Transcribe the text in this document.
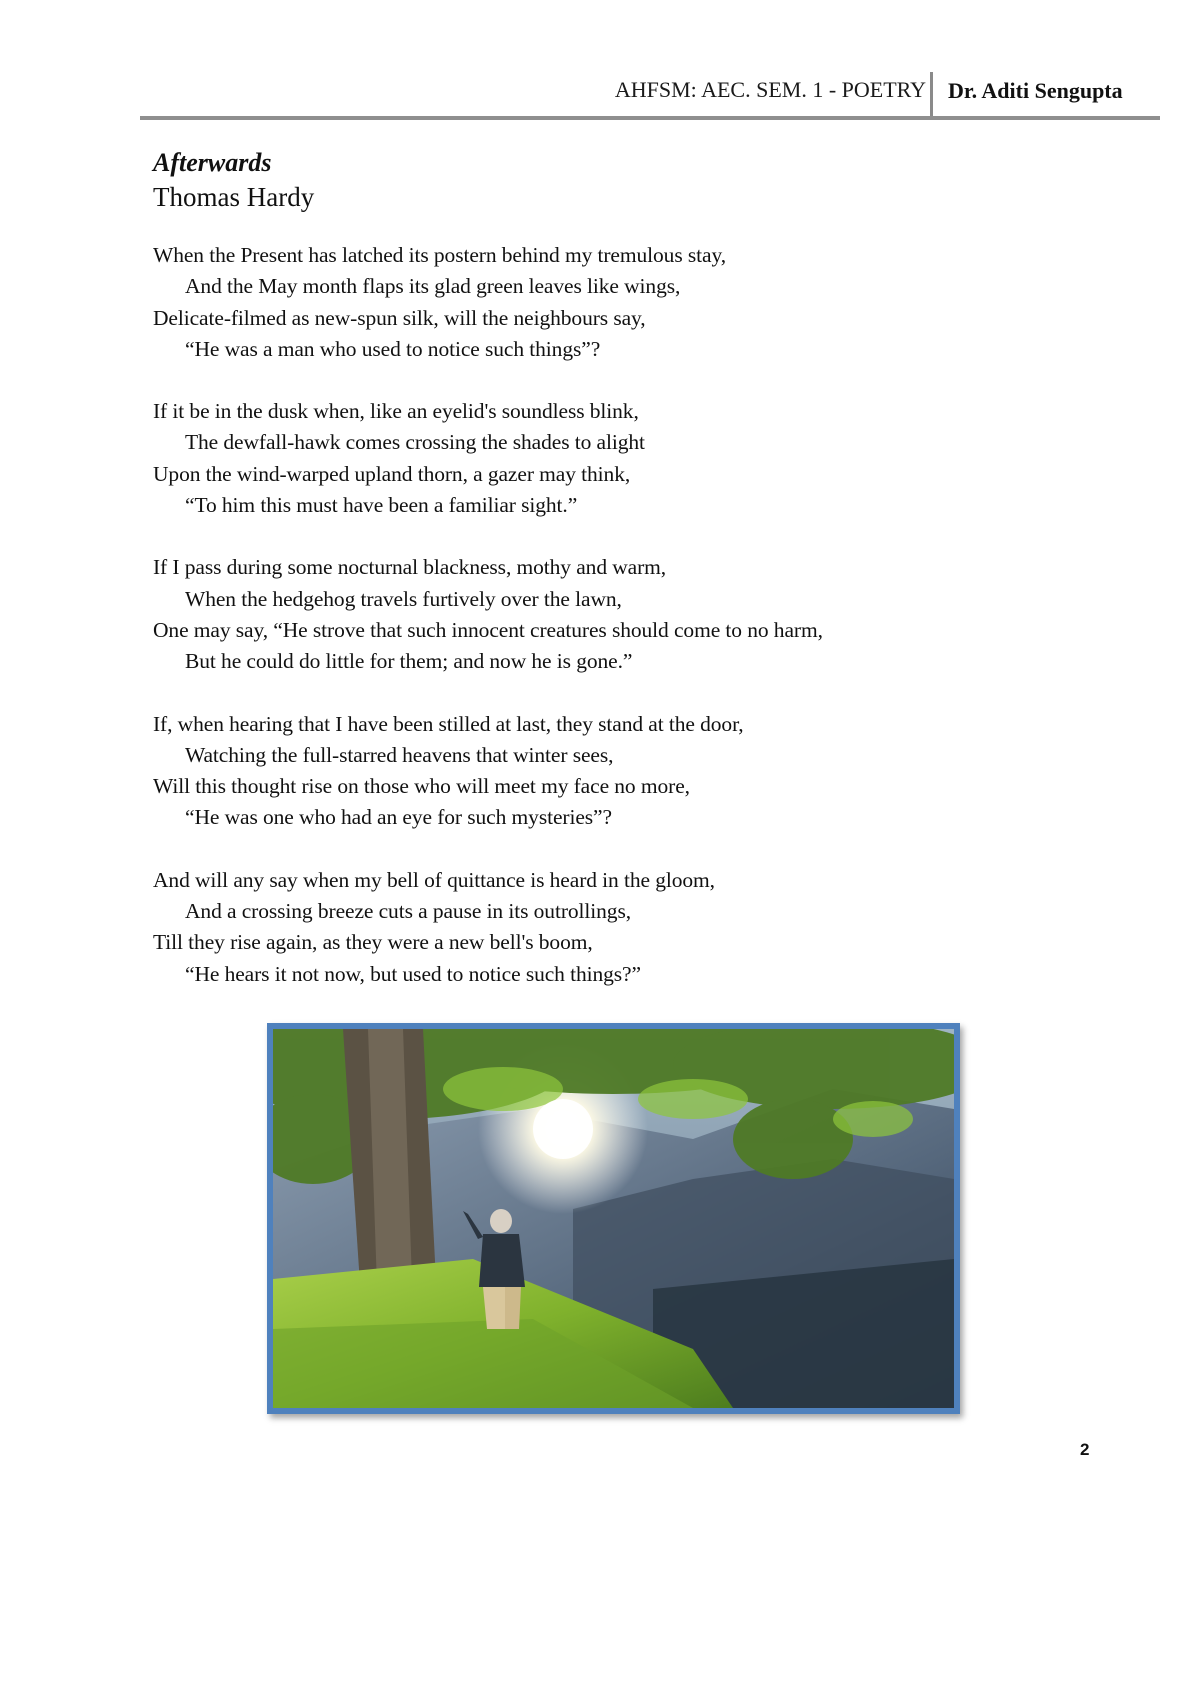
AHFSM: AEC. SEM. 1 - POETRY Dr. Aditi Sengupta
Afterwards
Thomas Hardy
When the Present has latched its postern behind my tremulous stay,
And the May month flaps its glad green leaves like wings,
Delicate-filmed as new-spun silk, will the neighbours say,
“He was a man who used to notice such things”?
If it be in the dusk when, like an eyelid's soundless blink,
The dewfall-hawk comes crossing the shades to alight
Upon the wind-warped upland thorn, a gazer may think,
“To him this must have been a familiar sight.”
If I pass during some nocturnal blackness, mothy and warm,
When the hedgehog travels furtively over the lawn,
One may say, “He strove that such innocent creatures should come to no harm,
But he could do little for them; and now he is gone.”
If, when hearing that I have been stilled at last, they stand at the door,
Watching the full-starred heavens that winter sees,
Will this thought rise on those who will meet my face no more,
“He was one who had an eye for such mysteries”?
And will any say when my bell of quittance is heard in the gloom,
And a crossing breeze cuts a pause in its outrollings,
Till they rise again, as they were a new bell's boom,
“He hears it not now, but used to notice such things?”
2
